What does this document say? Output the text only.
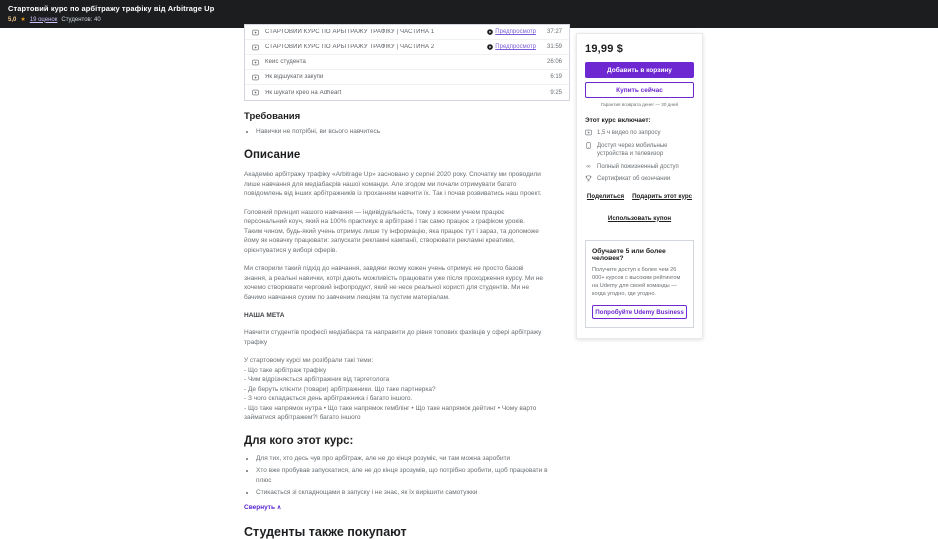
Стартовий курс по арбітражу трафіку від Arbitrage Up
5,0 ★ 19 оценок Студентов: 40
СТАРТОВИЙ КУРС ПО АРБІТРАЖУ ТРАФІКУ | ЧАСТИНА 1	Предпросмотр	37:27
СТАРТОВИЙ КУРС ПО АРБІТРАЖУ ТРАФІКУ | ЧАСТИНА 2	Предпросмотр	31:59
Кейс студента	26:06
Як відшукати закупи	6:19
Як шукати крео на Adheart	9:25
Требования
• Навички не потрібні, ви всього навчитесь
Описание

Академію арбітражу трафіку «Arbitrage Up» засновано у серпні 2020 року. Спочатку ми проводили лише навчання для медіабаєрів нашої команди. Але згодом ми почали отримувати багато повідомлень від інших арбітражників із проханням навчити їх. Так і почав розвиватись наш проект.

Головний принцип нашого навчання — індивідуальність, тому з кожним учнем працює персональний коуч, який на 100% практикує в арбітражі і так само працює з графіком уроків. Таким чином, будь-який учень отримує лише ту інформацію, яка працює тут і зараз, та допоможе йому як новачку працювати: запускати рекламні кампанії, створювати рекламні креативи, орієнтуватися у виборі оферів.

Ми створили такий підхід до навчання, завдяки якому кожен учень отримує не просто базові знання, а реальні навички, котрі дають можливість працювати уже після проходження курсу. Ми не хочемо створювати черговий інфопродукт, який не несе реальної користі для студентів. Ми не бачимо навчання сухим по завченим лекціям та пустим матеріалам.

НАША МЕТА

Навчити студентів професії медіабаєра та направити до рівня топових фахівців у сфері арбітражу трафіку

У стартовому курсі ми розібрали такі теми:
- Що таке арбітраж трафіку
- Чим відрізняється арбітражник від таргетолога
- Де беруть клієнти (товари) арбітражники. Що таке партнерка?
- З чого складається день арбітражника і багато іншого.
- Що таке напрямок нутра • Що таке напрямок гемблінг • Що таке напрямок дейтинг • Чому варто займатися арбітражем?! багато іншого
Для кого этот курс:
• Для тих, хто десь чув про арбітраж, але не до кінця розуміє, чи там можна заробити
• Хто вже пробував запускатися, але не до кінця зрозумів, що потрібно зробити, щоб працювати в плюс
• Стикається зі складнощами в запуску і не знає, як їх вирішити самотужки
Свернуть ∧
Студенты также покупают
19,99 $
Добавить в корзину
Купить сейчас
Гарантия возврата денег — 30 дней
Этот курс включает:
1,5 ч видео по запросу
Доступ через мобильные устройства и телевизор
∞ Полный пожизненный доступ
Сертификат об окончании
Поделиться Подарить этот курс
Использовать купон
Обучаете 5 или более человек?
Получите доступ к более чем 26 000+ курсов с высоким рейтингом на Udemy для своей команды — когда угодно, где угодно.
Попробуйте Udemy Business
